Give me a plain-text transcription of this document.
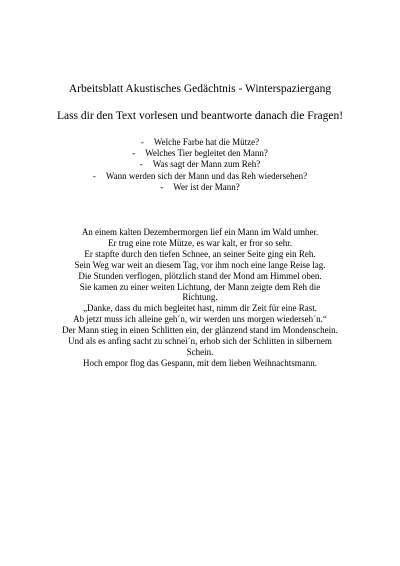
Arbeitsblatt Akustisches Gedächtnis - Winterspaziergang
Lass dir den Text vorlesen und beantworte danach die Fragen!
- Welche Farbe hat die Mütze?
- Welches Tier begleitet den Mann?
- Was sagt der Mann zum Reh?
- Wann werden sich der Mann und das Reh wiedersehen?
- Wer ist der Mann?
An einem kalten Dezembermorgen lief ein Mann im Wald umher.
Er trug eine rote Mütze, es war kalt, er fror so sehr.
Er stapfte durch den tiefen Schnee, an seiner Seite ging ein Reh.
Sein Weg war weit an diesem Tag, vor ihm noch eine lange Reise lag.
Die Stunden verflogen, plötzlich stand der Mond am Himmel oben.
Sie kamen zu einer weiten Lichtung, der Mann zeigte dem Reh die
Richtung.
„Danke, dass du mich begleitet hast, nimm dir Zeit für eine Rast.
Ab jetzt muss ich alleine geh´n, wir werden uns morgen wiederseh´n.“
Der Mann stieg in einen Schlitten ein, der glänzend stand im Mondenschein.
Und als es anfing sacht zu schnei´n, erhob sich der Schlitten in silbernem
Schein.
Hoch empor flog das Gespann, mit dem lieben Weihnachtsmann.
